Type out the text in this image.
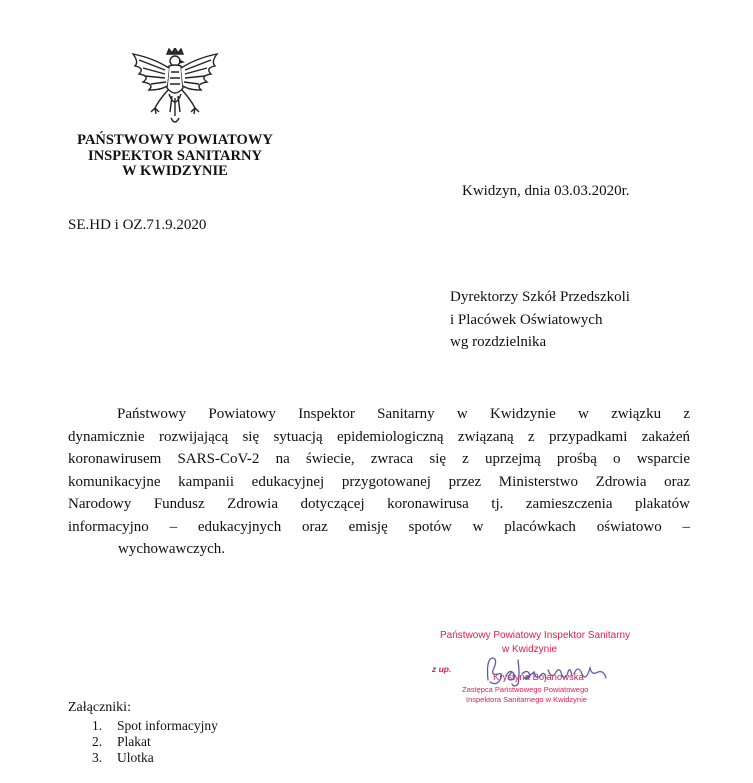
PAŃSTWOWY POWIATOWY
INSPEKTOR SANITARNY
W KWIDZYNIE
Kwidzyn, dnia 03.03.2020r.
SE.HD i OZ.71.9.2020
Dyrektorzy Szkół Przedszkoli
i Placówek Oświatowych
wg rozdzielnika
Państwowy Powiatowy Inspektor Sanitarny w Kwidzynie w związku z
dynamicznie rozwijającą się sytuacją epidemiologiczną związaną z przypadkami zakażeń
koronawirusem SARS-CoV-2 na świecie, zwraca się z uprzejmą prośbą o wsparcie
komunikacyjne kampanii edukacyjnej przygotowanej przez Ministerstwo Zdrowia oraz
Narodowy Fundusz Zdrowia dotyczącej koronawirusa tj. zamieszczenia plakatów
informacyjno – edukacyjnych oraz emisję spotów w placówkach oświatowo –
wychowawczych.
Państwowy Powiatowy Inspektor Sanitarny
w Kwidzynie
z up.
Krystyna Bojanowska
Zastępca Państwowego Powiatowego
Inspektora Sanitarnego w Kwidzynie
Załączniki:
1. Spot informacyjny
2. Plakat
3. Ulotka
